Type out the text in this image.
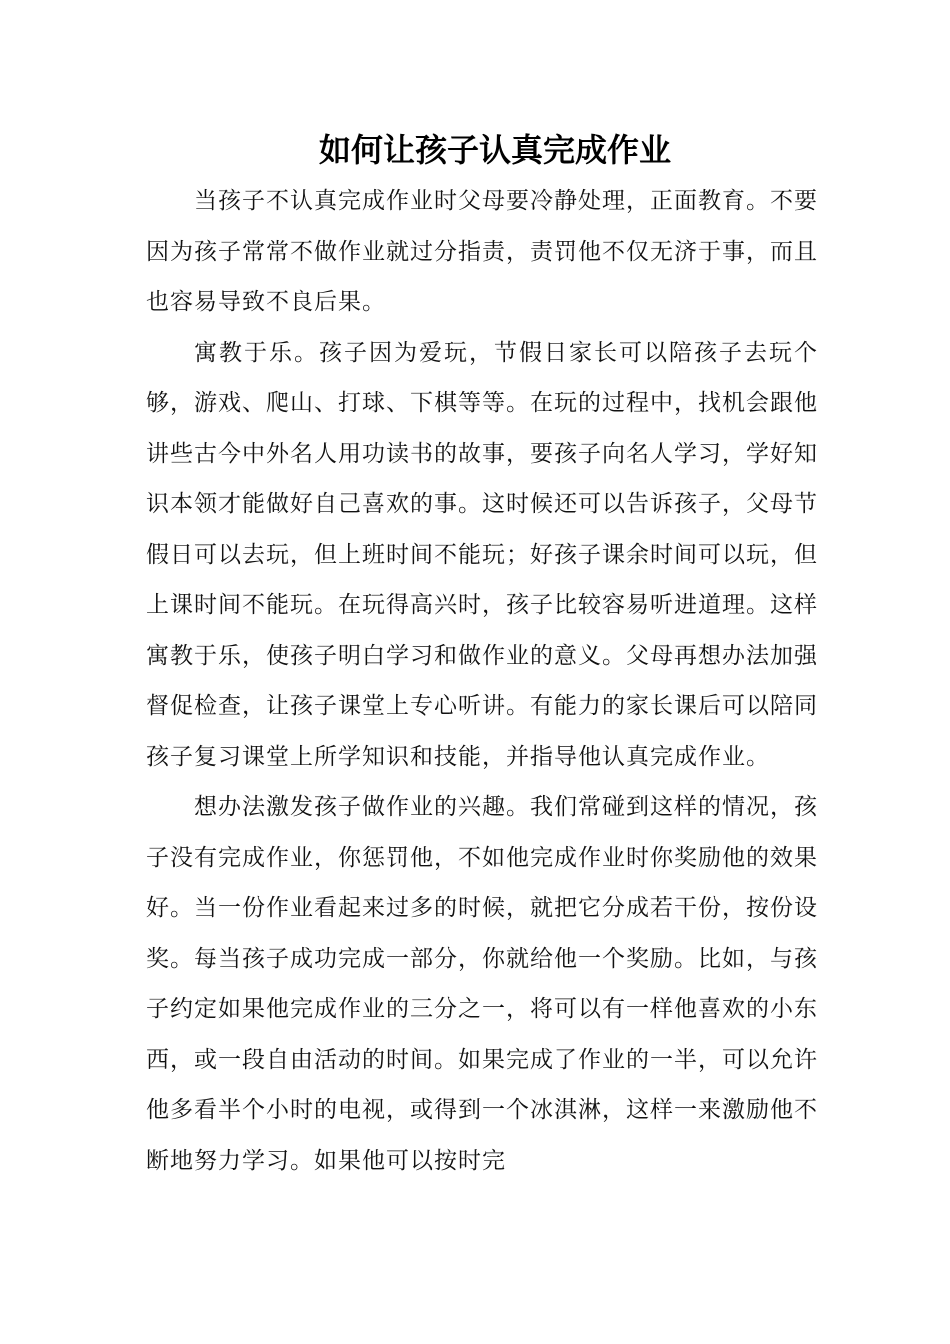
如何让孩子认真完成作业

当孩子不认真完成作业时父母要冷静处理，正面教育。不要因为孩子常常不做作业就过分指责，责罚他不仅无济于事，而且也容易导致不良后果。

寓教于乐。孩子因为爱玩，节假日家长可以陪孩子去玩个够，游戏、爬山、打球、下棋等等。在玩的过程中，找机会跟他讲些古今中外名人用功读书的故事，要孩子向名人学习，学好知识本领才能做好自己喜欢的事。这时候还可以告诉孩子，父母节假日可以去玩，但上班时间不能玩；好孩子课余时间可以玩，但上课时间不能玩。在玩得高兴时，孩子比较容易听进道理。这样寓教于乐，使孩子明白学习和做作业的意义。父母再想办法加强督促检查，让孩子课堂上专心听讲。有能力的家长课后可以陪同孩子复习课堂上所学知识和技能，并指导他认真完成作业。

想办法激发孩子做作业的兴趣。我们常碰到这样的情况，孩子没有完成作业，你惩罚他，不如他完成作业时你奖励他的效果好。当一份作业看起来过多的时候，就把它分成若干份，按份设奖。每当孩子成功完成一部分，你就给他一个奖励。比如，与孩子约定如果他完成作业的三分之一，将可以有一样他喜欢的小东西，或一段自由活动的时间。如果完成了作业的一半，可以允许他多看半个小时的电视，或得到一个冰淇淋，这样一来激励他不断地努力学习。如果他可以按时完
